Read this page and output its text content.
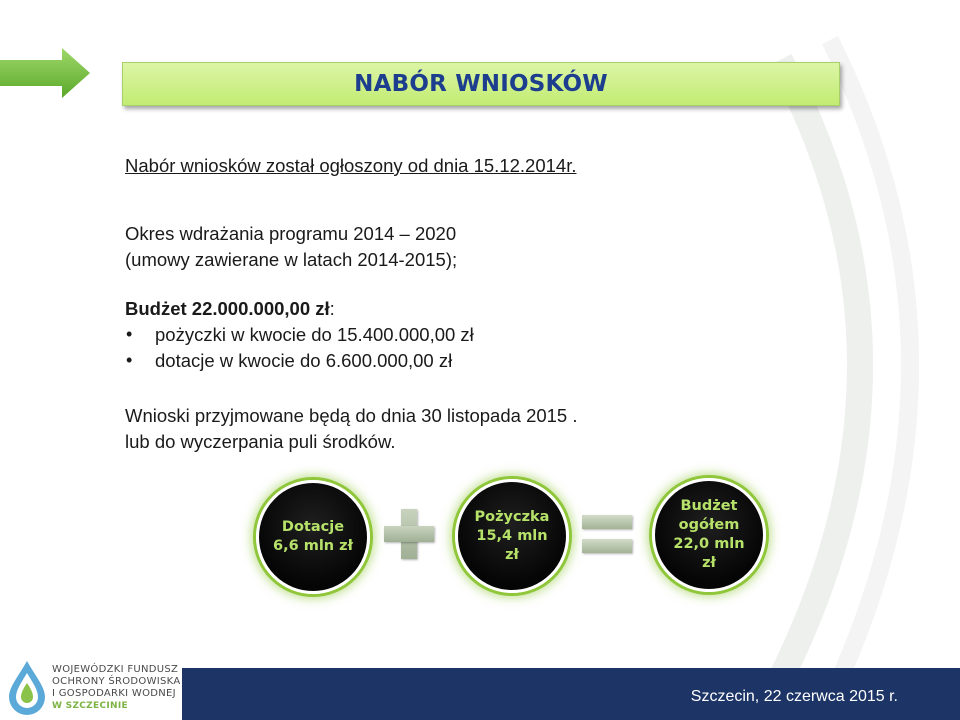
NABÓR WNIOSKÓW
Nabór wniosków został ogłoszony od dnia 15.12.2014r.
Okres wdrażania programu 2014 – 2020
(umowy zawierane w latach 2014-2015);
Budżet 22.000.000,00 zł:
• pożyczki w kwocie do 15.400.000,00 zł
• dotacje w kwocie do 6.600.000,00 zł
Wnioski przyjmowane będą do dnia 30 listopada 2015 .
lub do wyczerpania puli środków.
Dotacje
6,6 mln zł
Pożyczka
15,4 mln
zł
Budżet
ogółem
22,0 mln
zł
WOJEWÓDZKI FUNDUSZ
OCHRONY ŚRODOWISKA
I GOSPODARKI WODNEJ
W SZCZECINIE
Szczecin, 22 czerwca 2015 r.
